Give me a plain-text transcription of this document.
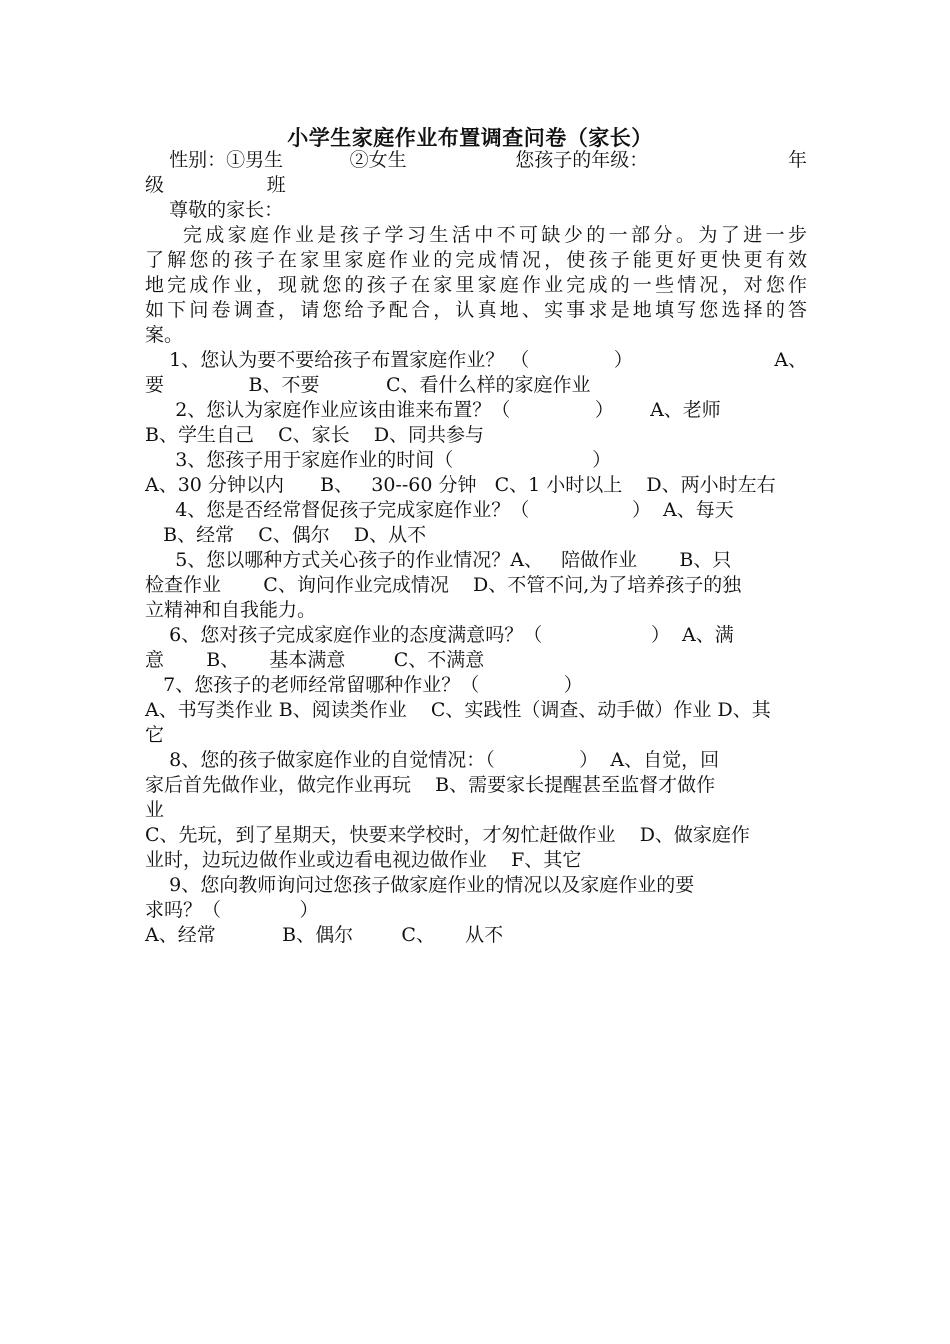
小学生家庭作业布置调查问卷（家长）
性别：①男生           ②女生                  您孩子的年级：	年
级                 班
尊敬的家长：
完成家庭作业是孩子学习生活中不可缺少的一部分。为了进一步
了解您的孩子在家里家庭作业的完成情况，使孩子能更好更快更有效
地完成作业，现就您的孩子在家里家庭作业完成的一些情况，对您作
如下问卷调查，请您给予配合，认真地、实事求是地填写您选择的答
案。
1、您认为要不要给孩子布置家庭作业？ （              ）	A、
要              B、不要           C、看什么样的家庭作业
2、您认为家庭作业应该由谁来布置？（              ）      A、老师
B、学生自己    C、家长    D、同共参与
3、您孩子用于家庭作业的时间（                       ）
A、30 分钟以内      B、   30--60 分钟   C、1 小时以上    D、两小时左右
4、您是否经常督促孩子完成家庭作业？（                 ）  A、每天
B、经常    C、偶尔    D、从不
5、您以哪种方式关心孩子的作业情况？A、   陪做作业       B、只
检查作业       C、询问作业完成情况    D、不管不问,为了培养孩子的独
立精神和自我能力。
6、您对孩子完成家庭作业的态度满意吗？（                  ）  A、满
意       B、     基本满意        C、不满意
7、您孩子的老师经常留哪种作业？（              ）
A、书写类作业 B、阅读类作业    C、实践性（调查、动手做）作业 D、其
它
8、您的孩子做家庭作业的自觉情况：（              ）  A、自觉，回
家后首先做作业，做完作业再玩    B、需要家长提醒甚至监督才做作
业
C、先玩，到了星期天，快要来学校时，才匆忙赶做作业    D、做家庭作
业时，边玩边做作业或边看电视边做作业    F、其它
9、您向教师询问过您孩子做家庭作业的情况以及家庭作业的要
求吗？（             ）
A、经常           B、偶尔        C、     从不
